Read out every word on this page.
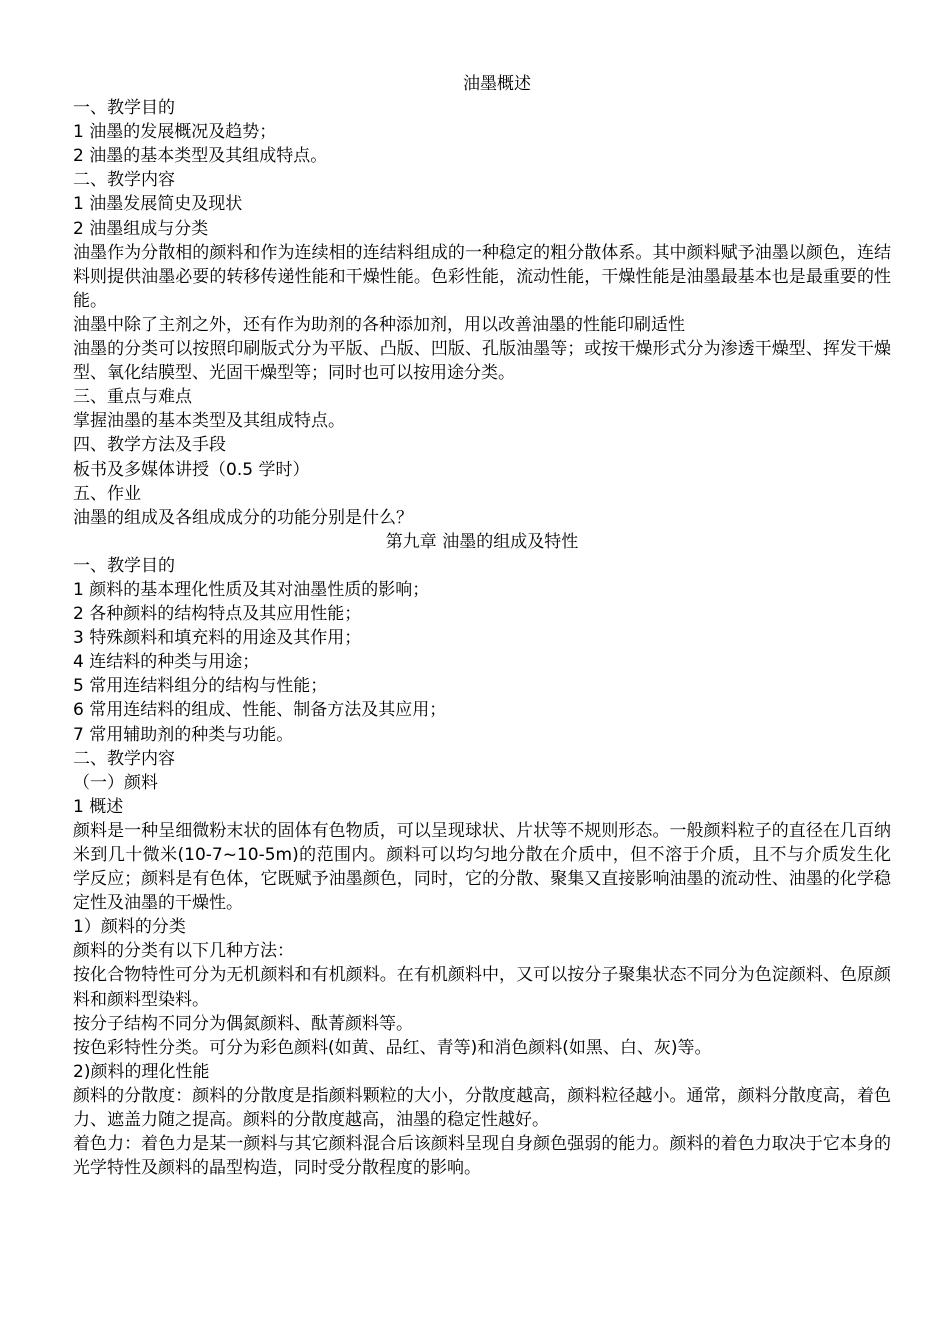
油墨概述

一、教学目的

1 油墨的发展概况及趋势；

2 油墨的基本类型及其组成特点。

二、教学内容

1 油墨发展简史及现状

2 油墨组成与分类

油墨作为分散相的颜料和作为连续相的连结料组成的一种稳定的粗分散体系。其中颜料赋予油墨以颜色，连结料则提供油墨必要的转移传递性能和干燥性能。色彩性能，流动性能，干燥性能是油墨最基本也是最重要的性能。

油墨中除了主剂之外，还有作为助剂的各种添加剂，用以改善油墨的性能印刷适性

油墨的分类可以按照印刷版式分为平版、凸版、凹版、孔版油墨等；或按干燥形式分为渗透干燥型、挥发干燥型、氧化结膜型、光固干燥型等；同时也可以按用途分类。

三、重点与难点

掌握油墨的基本类型及其组成特点。

四、教学方法及手段

板书及多媒体讲授（0.5 学时）

五、作业

油墨的组成及各组成成分的功能分别是什么？

第九章 油墨的组成及特性

一、教学目的

1 颜料的基本理化性质及其对油墨性质的影响；

2 各种颜料的结构特点及其应用性能；

3 特殊颜料和填充料的用途及其作用；

4 连结料的种类与用途；

5 常用连结料组分的结构与性能；

6 常用连结料的组成、性能、制备方法及其应用；

7 常用辅助剂的种类与功能。

二、教学内容

（一）颜料

1 概述

颜料是一种呈细微粉末状的固体有色物质，可以呈现球状、片状等不规则形态。一般颜料粒子的直径在几百纳米到几十微米(10-7~10-5m)的范围内。颜料可以均匀地分散在介质中，但不溶于介质，且不与介质发生化学反应；颜料是有色体，它既赋予油墨颜色，同时，它的分散、聚集又直接影响油墨的流动性、油墨的化学稳定性及油墨的干燥性。

1）颜料的分类

颜料的分类有以下几种方法：

按化合物特性可分为无机颜料和有机颜料。在有机颜料中，又可以按分子聚集状态不同分为色淀颜料、色原颜料和颜料型染料。

按分子结构不同分为偶氮颜料、酞菁颜料等。

按色彩特性分类。可分为彩色颜料(如黄、品红、青等)和消色颜料(如黑、白、灰)等。

2)颜料的理化性能

颜料的分散度：颜料的分散度是指颜料颗粒的大小，分散度越高，颜料粒径越小。通常，颜料分散度高，着色力、遮盖力随之提高。颜料的分散度越高，油墨的稳定性越好。

着色力：着色力是某一颜料与其它颜料混合后该颜料呈现自身颜色强弱的能力。颜料的着色力取决于它本身的光学特性及颜料的晶型构造，同时受分散程度的影响。
